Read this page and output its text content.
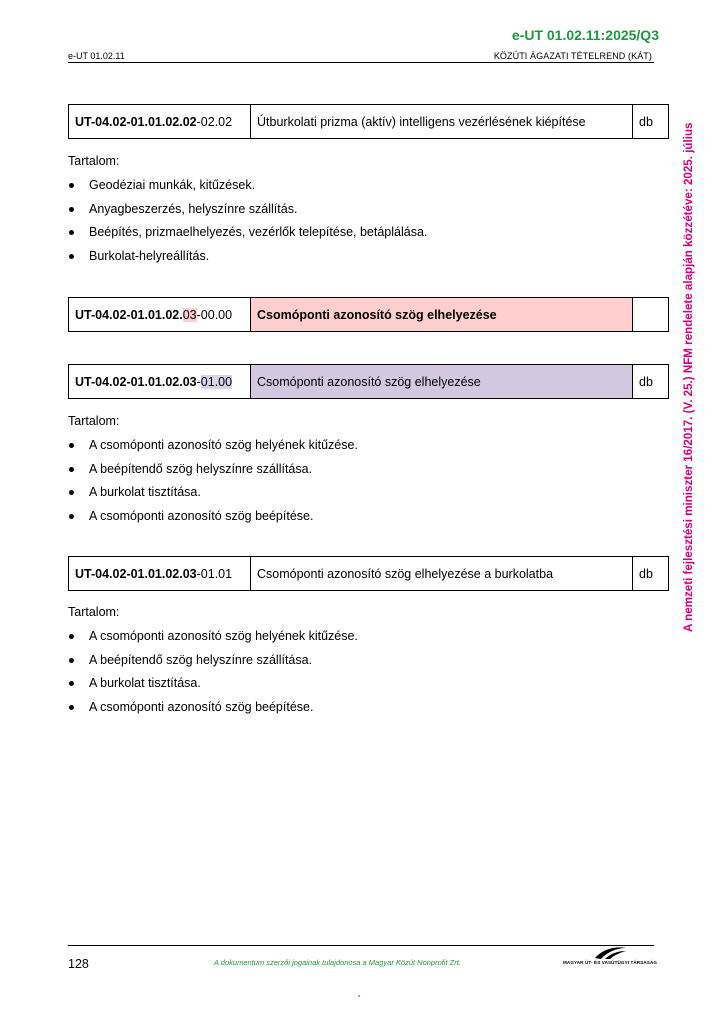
e-UT 01.02.11:2025/Q3
e-UT 01.02.11	KÖZÚTI ÁGAZATI TÉTELREND (KÁT)
A nemzeti fejlesztési miniszter 16/2017. (V. 25.) NFM rendelete alapján közzétéve: 2025. július
UT-04.02-01.01.02.02-02.02	Útburkolati prizma (aktív) intelligens vezérlésének kiépítése	db
Tartalom:
Geodéziai munkák, kitűzések.
Anyagbeszerzés, helyszínre szállítás.
Beépítés, prizmaelhelyezés, vezérlők telepítése, betáplálása.
Burkolat-helyreállítás.
UT-04.02-01.01.02.03-00.00	Csomóponti azonosító szög elhelyezése	
UT-04.02-01.01.02.03-01.00	Csomóponti azonosító szög elhelyezése	db
Tartalom:
A csomóponti azonosító szög helyének kitűzése.
A beépítendő szög helyszínre szállítása.
A burkolat tisztítása.
A csomóponti azonosító szög beépítése.
UT-04.02-01.01.02.03-01.01	Csomóponti azonosító szög elhelyezése a burkolatba	db
Tartalom:
A csomóponti azonosító szög helyének kitűzése.
A beépítendő szög helyszínre szállítása.
A burkolat tisztítása.
A csomóponti azonosító szög beépítése.
128	A dokumentum szerzői jogainak tulajdonosa a Magyar Közút Nonprofit Zrt.	MAGYAR ÚT- ÉS VASÚTÜGYI TÁRSASÁG
